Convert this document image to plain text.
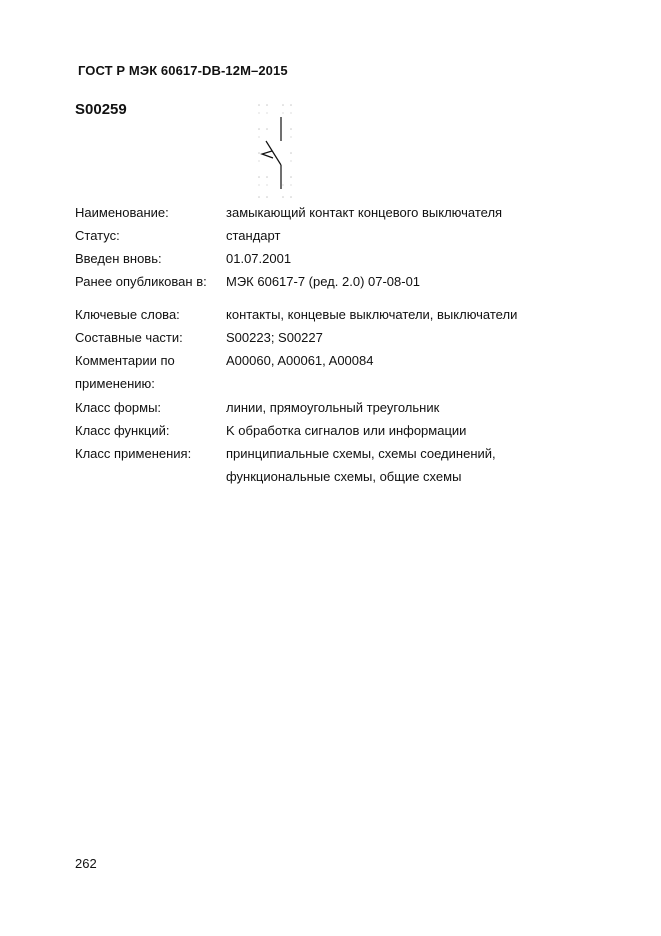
ГОСТ Р МЭК 60617-DB-12M–2015
S00259
Наименование:	замыкающий контакт концевого выключателя
Статус:	стандарт
Введен вновь:	01.07.2001
Ранее опубликован в: МЭК 60617-7 (ред. 2.0) 07-08-01
Ключевые слова:	контакты, концевые выключатели, выключатели
Составные части:	S00223; S00227
Комментарии по	A00060, A00061, A00084
применению:
Класс формы:	линии, прямоугольный треугольник
Класс функций:	K обработка сигналов или информации
Класс применения:	принципиальные схемы, схемы соединений,
функциональные схемы, общие схемы
262
